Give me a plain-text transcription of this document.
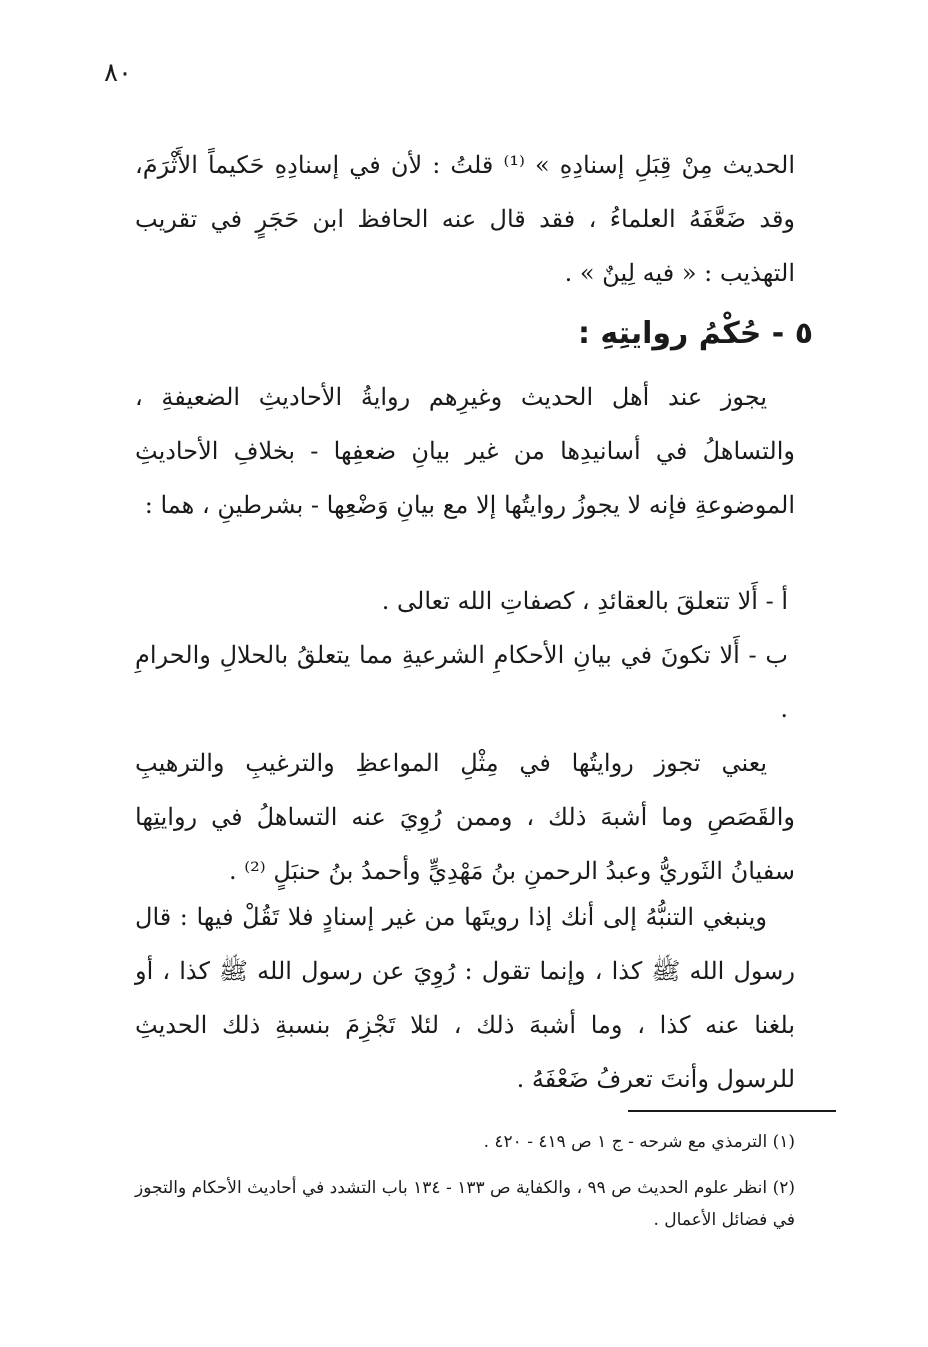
٨٠

الحديث مِنْ قِبَلِ إسنادِهِ » ⁽¹⁾ قلتُ : لأن في إسنادِهِ حَكيماً الأَثْرَمَ، وقد ضَعَّفَهُ العلماءُ ، فقد قال عنه الحافظ ابن حَجَرٍ في تقريب التهذيب : « فيه لِينٌ » .

٥ - حُكْمُ روايتِهِ :

يجوز عند أهل الحديث وغيرِهم روايةُ الأحاديثِ الضعيفةِ ، والتساهلُ في أسانيدِها من غير بيانِ ضعفِها - بخلافِ الأحاديثِ الموضوعةِ فإنه لا يجوزُ روايتُها إلا مع بيانِ وَضْعِها - بشرطينِ ، هما :

أ - أَلا تتعلقَ بالعقائدِ ، كصفاتِ الله تعالى .
ب - أَلا تكونَ في بيانِ الأحكامِ الشرعيةِ مما يتعلقُ بالحلالِ والحرامِ .

يعني تجوز روايتُها في مِثْلِ المواعظِ والترغيبِ والترهيبِ والقَصَصِ وما أشبهَ ذلك ، وممن رُوِيَ عنه التساهلُ في روايتِها سفيانُ الثَوريُّ وعبدُ الرحمنِ بنُ مَهْدِيٍّ وأحمدُ بنُ حنبَلٍ ⁽²⁾ .

وينبغي التنبُّهُ إلى أنك إذا رويتَها من غير إسنادٍ فلا تَقُلْ فيها : قال رسول الله ﷺ كذا ، وإنما تقول : رُوِيَ عن رسول الله ﷺ كذا ، أو بلغنا عنه كذا ، وما أشبهَ ذلك ، لئلا تَجْزِمَ بنسبةِ ذلك الحديثِ للرسول وأنتَ تعرفُ ضَعْفَهُ .

(١) الترمذي مع شرحه - ج ١ ص ٤١٩ - ٤٢٠ .
(٢) انظر علوم الحديث ص ٩٩ ، والكفاية ص ١٣٣ - ١٣٤ باب التشدد في أحاديث الأحكام والتجوز في فضائل الأعمال .
